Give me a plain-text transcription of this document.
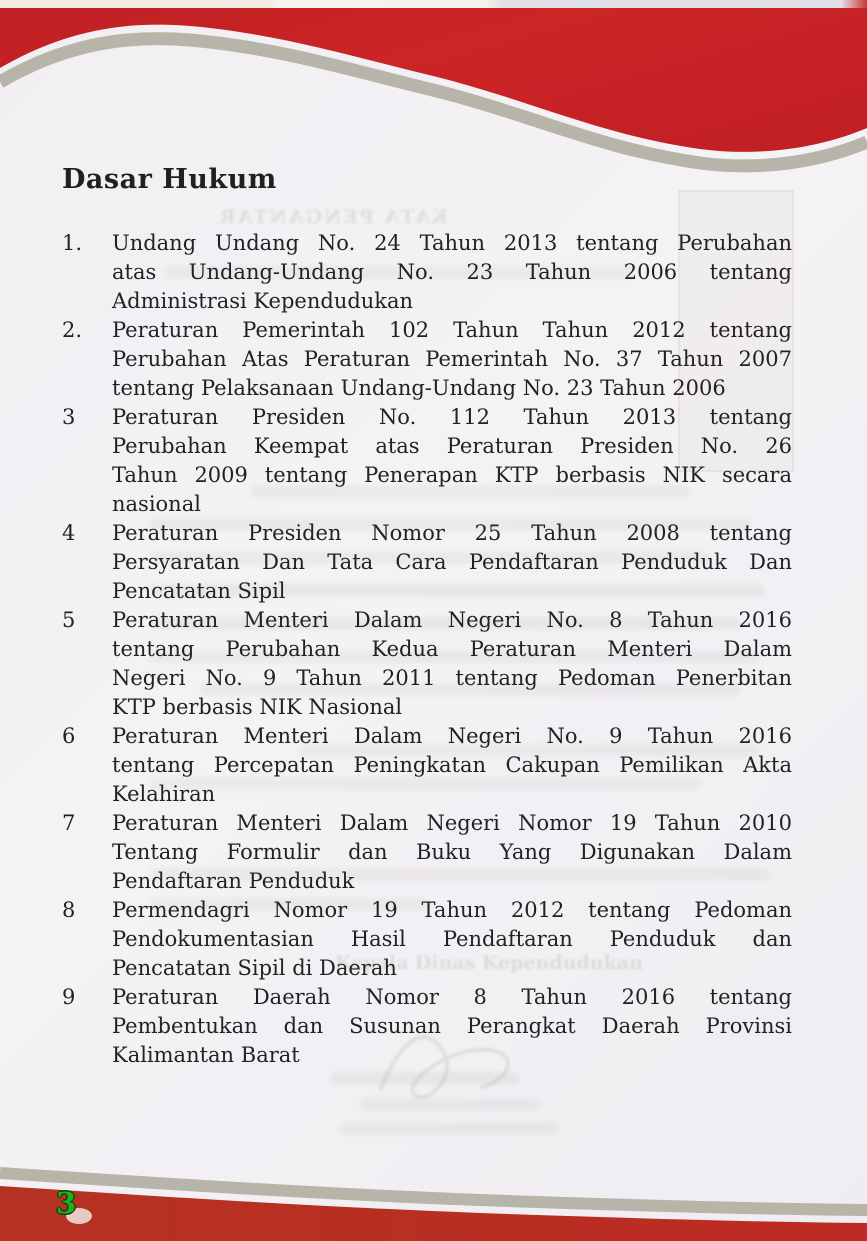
KATA PENGANTAR
Kepala Dinas Kependudukan
Dasar Hukum
1.	Undang Undang No. 24 Tahun 2013 tentang Perubahan
atas Undang-Undang No. 23 Tahun 2006 tentang
Administrasi Kependudukan
2.	Peraturan Pemerintah 102 Tahun Tahun 2012 tentang
Perubahan Atas Peraturan Pemerintah No. 37 Tahun 2007
tentang Pelaksanaan Undang-Undang No. 23 Tahun 2006
3	Peraturan Presiden No. 112 Tahun 2013 tentang
Perubahan Keempat atas Peraturan Presiden No. 26
Tahun 2009 tentang Penerapan KTP berbasis NIK secara
nasional
4	Peraturan Presiden Nomor 25 Tahun 2008 tentang
Persyaratan Dan Tata Cara Pendaftaran Penduduk Dan
Pencatatan Sipil
5	Peraturan Menteri Dalam Negeri No. 8 Tahun 2016
tentang Perubahan Kedua Peraturan Menteri Dalam
Negeri No. 9 Tahun 2011 tentang Pedoman Penerbitan
KTP berbasis NIK Nasional
6	Peraturan Menteri Dalam Negeri No. 9 Tahun 2016
tentang Percepatan Peningkatan Cakupan Pemilikan Akta
Kelahiran
7	Peraturan Menteri Dalam Negeri Nomor 19 Tahun 2010
Tentang Formulir dan Buku Yang Digunakan Dalam
Pendaftaran Penduduk
8	Permendagri Nomor 19 Tahun 2012 tentang Pedoman
Pendokumentasian Hasil Pendaftaran Penduduk dan
Pencatatan Sipil di Daerah
9	Peraturan Daerah Nomor 8 Tahun 2016 tentang
Pembentukan dan Susunan Perangkat Daerah Provinsi
Kalimantan Barat
3
